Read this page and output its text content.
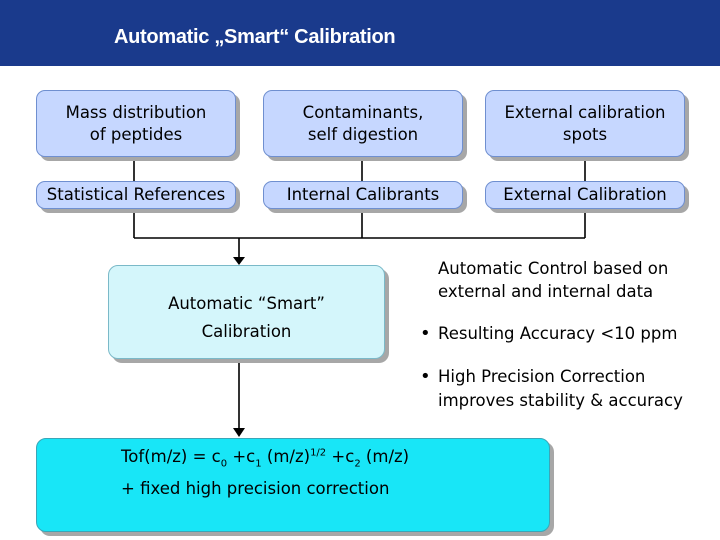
Automatic „Smart“ Calibration
Mass distribution
of peptides
Contaminants,
self digestion
External calibration
spots
Statistical References	Internal Calibrants	External Calibration
Automatic “Smart”
Calibration
Automatic Control based on
external and internal data
• Resulting Accuracy <10 ppm
• High Precision Correction
improves stability & accuracy
$Tof(m/z) = c_0 +c_1$ $(m/z)^{1/2} +c_2$ (m/z)
+ fixed high precision correction
